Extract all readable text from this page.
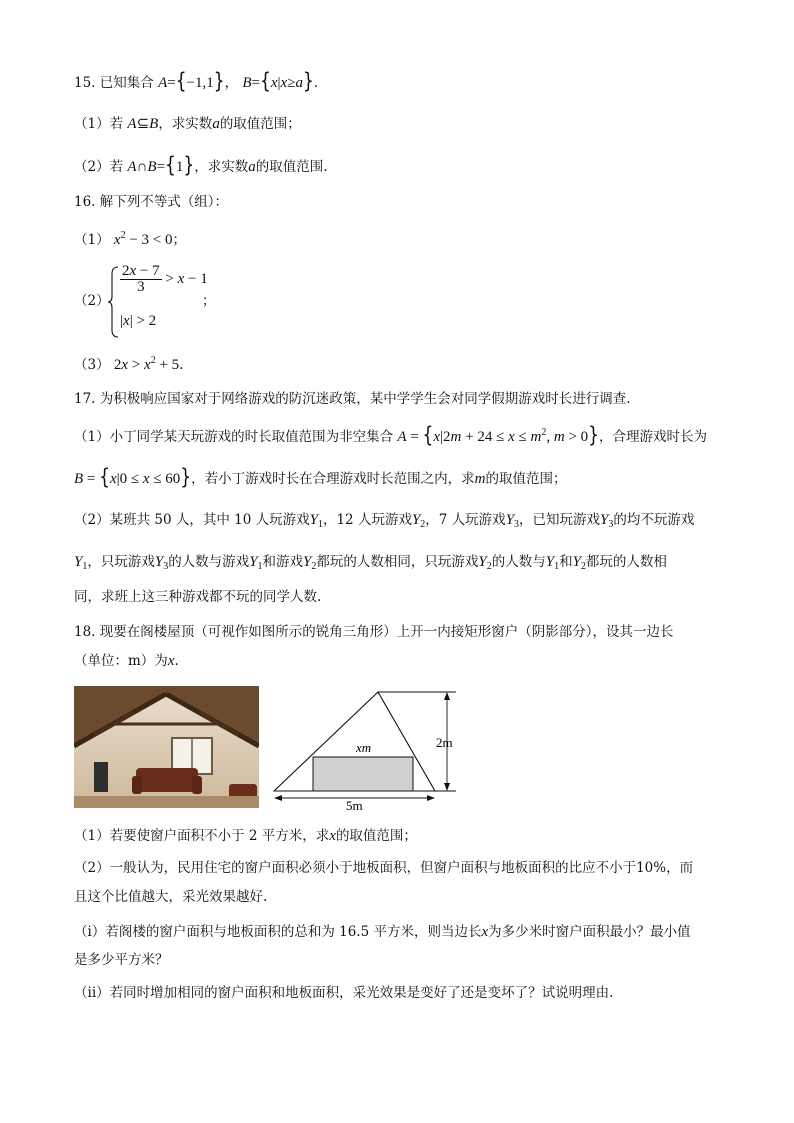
15. 已知集合 A={−1,1}， B={x|x≥a}.
（1）若 A⊆B，求实数a的取值范围；
（2）若 A∩B={1}，求实数a的取值范围.
16. 解下列不等式（组）：
（1） $x^2 - 3 < 0$；
（2）
$\frac{2x - 7}{3} > x - 1$
|x| > 2
；
（3） $2x > x^2 + 5$.
17. 为积极响应国家对于网络游戏的防沉迷政策，某中学学生会对同学假期游戏时长进行调查.
（1）小丁同学某天玩游戏的时长取值范围为非空集合 $A = \{x|2m + 24 \le x \le m^2$, m > 0}，合理游戏时长为
B = {x|0 ≤ x ≤ 60}，若小丁游戏时长在合理游戏时长范围之内，求m的取值范围；
（2）某班共 50 人，其中 10 人玩游戏$Y_1$，12 人玩游戏$Y_2$，7 人玩游戏$Y_3$，已知玩游戏$Y_3$的均不玩游戏
$Y_1$，只玩游戏$Y_3$的人数与游戏$Y_1$和游戏$Y_2$都玩的人数相同，只玩游戏$Y_2$的人数与$Y_1$和$Y_2$都玩的人数相
同，求班上这三种游戏都不玩的同学人数.
18. 现要在阁楼屋顶（可视作如图所示的锐角三角形）上开一内接矩形窗户（阴影部分），设其一边长
（单位：m）为x.
xm	2m
5m
（1）若要使窗户面积不小于 2 平方米，求x的取值范围；
（2）一般认为，民用住宅的窗户面积必须小于地板面积，但窗户面积与地板面积的比应不小于10%，而
且这个比值越大，采光效果越好.
（i）若阁楼的窗户面积与地板面积的总和为 16.5 平方米，则当边长x为多少米时窗户面积最小？最小值
是多少平方米？
（ii）若同时增加相同的窗户面积和地板面积，采光效果是变好了还是变坏了？试说明理由.
